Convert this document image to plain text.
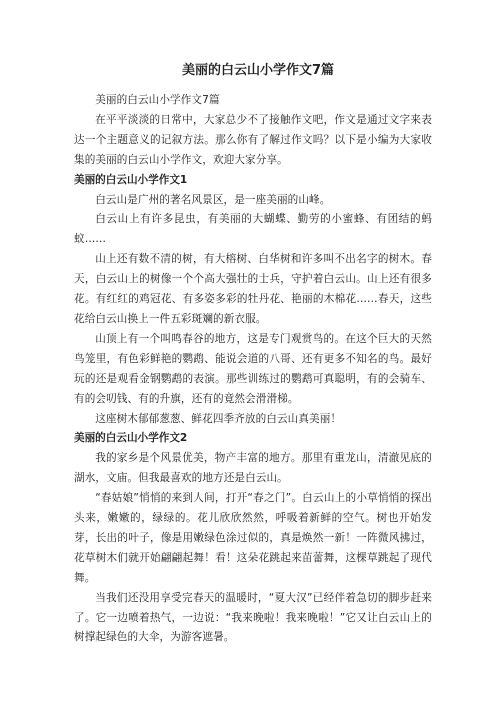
美丽的白云山小学作文7篇

美丽的白云山小学作文7篇

在平平淡淡的日常中，大家总少不了接触作文吧，作文是通过文字来表达一个主题意义的记叙方法。那么你有了解过作文吗？以下是小编为大家收集的美丽的白云山小学作文，欢迎大家分享。

美丽的白云山小学作文1

白云山是广州的著名风景区，是一座美丽的山峰。

白云山上有许多昆虫，有美丽的大蝴蝶、勤劳的小蜜蜂、有团结的蚂蚁……

山上还有数不清的树，有大榕树、白华树和许多叫不出名字的树木。春天，白云山上的树像一个个高大强壮的士兵，守护着白云山。山上还有很多花。有红红的鸡冠花、有多姿多彩的牡丹花、艳丽的木棉花……春天，这些花给白云山换上一件五彩斑斓的新衣服。

山顶上有一个叫鸣春谷的地方，这是专门观赏鸟的。在这个巨大的天然鸟笼里，有色彩鲜艳的鹦鹉、能说会道的八哥、还有更多不知名的鸟。最好玩的还是观看金钢鹦鹉的表演。那些训练过的鹦鹉可真聪明，有的会骑车、有的会叨钱、有的升旗，还有的竟然会滑滑梯。

这座树木郁郁葱葱、鲜花四季齐放的白云山真美丽！

美丽的白云山小学作文2

我的家乡是个风景优美，物产丰富的地方。那里有重龙山，清澈见底的湖水，文庙。但我最喜欢的地方还是白云山。

“春姑娘”悄悄的来到人间，打开“春之门”。白云山上的小草悄悄的探出头来，嫩嫩的，绿绿的。花儿欣欣然然，呼吸着新鲜的空气。树也开始发芽，长出的叶子，像是用嫩绿色涂过似的，真是焕然一新！一阵微风拂过，花草树木们就开始翩翩起舞！看！这朵花跳起来苗蕾舞，这棵草跳起了现代舞。

当我们还没用享受完春天的温暖时，“夏大汉”已经伴着急切的脚步赶来了。它一边喷着热气，一边说：“我来晚啦！我来晚啦！”它又让白云山上的树撑起绿色的大伞，为游客遮暑。
